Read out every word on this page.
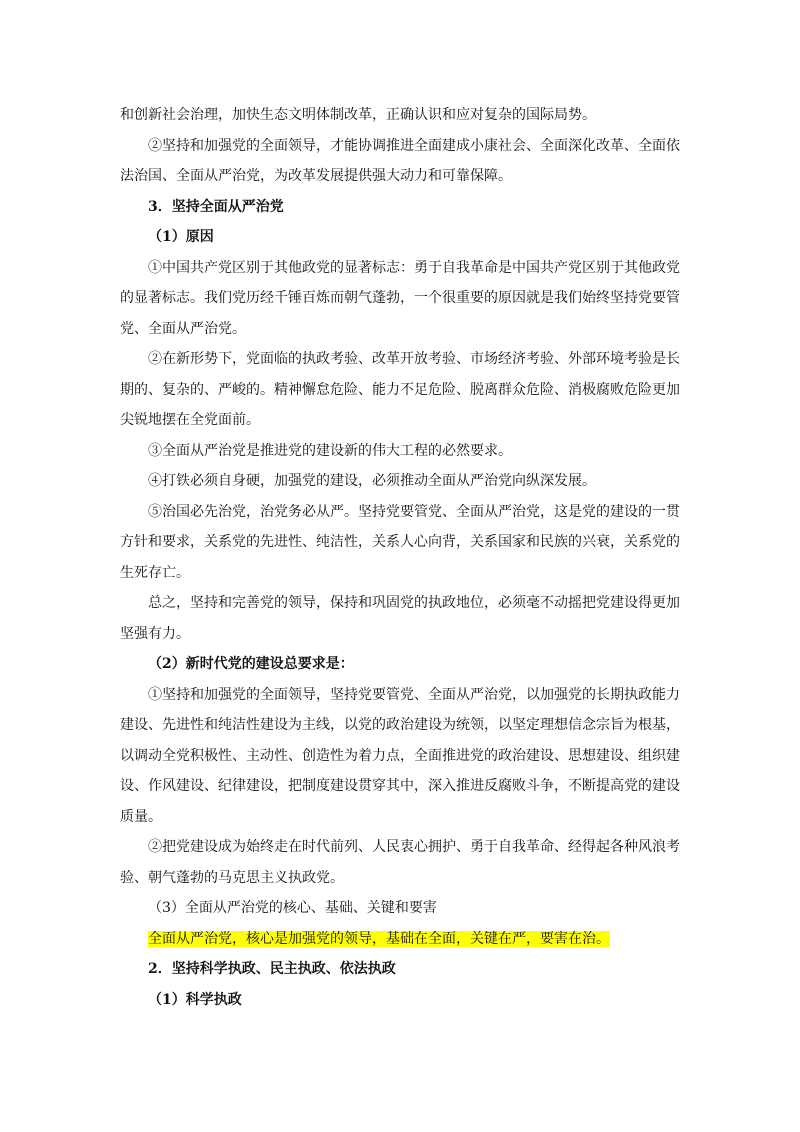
和创新社会治理，加快生态文明体制改革，正确认识和应对复杂的国际局势。

②坚持和加强党的全面领导，才能协调推进全面建成小康社会、全面深化改革、全面依法治国、全面从严治党，为改革发展提供强大动力和可靠保障。

3．坚持全面从严治党

（1）原因

①中国共产党区别于其他政党的显著标志：勇于自我革命是中国共产党区别于其他政党的显著标志。我们党历经千锤百炼而朝气蓬勃，一个很重要的原因就是我们始终坚持党要管党、全面从严治党。

②在新形势下，党面临的执政考验、改革开放考验、市场经济考验、外部环境考验是长期的、复杂的、严峻的。精神懈怠危险、能力不足危险、脱离群众危险、消极腐败危险更加尖锐地摆在全党面前。

③全面从严治党是推进党的建设新的伟大工程的必然要求。

④打铁必须自身硬，加强党的建设，必须推动全面从严治党向纵深发展。

⑤治国必先治党，治党务必从严。坚持党要管党、全面从严治党，这是党的建设的一贯方针和要求，关系党的先进性、纯洁性，关系人心向背，关系国家和民族的兴衰，关系党的生死存亡。

总之，坚持和完善党的领导，保持和巩固党的执政地位，必须毫不动摇把党建设得更加坚强有力。

（2）新时代党的建设总要求是：

①坚持和加强党的全面领导，坚持党要管党、全面从严治党，以加强党的长期执政能力建设、先进性和纯洁性建设为主线，以党的政治建设为统领，以坚定理想信念宗旨为根基，以调动全党积极性、主动性、创造性为着力点，全面推进党的政治建设、思想建设、组织建设、作风建设、纪律建设，把制度建设贯穿其中，深入推进反腐败斗争，不断提高党的建设质量。

②把党建设成为始终走在时代前列、人民衷心拥护、勇于自我革命、经得起各种风浪考验、朝气蓬勃的马克思主义执政党。

（3）全面从严治党的核心、基础、关键和要害

全面从严治党，核心是加强党的领导，基础在全面，关键在严，要害在治。

2．坚持科学执政、民主执政、依法执政

（1）科学执政
